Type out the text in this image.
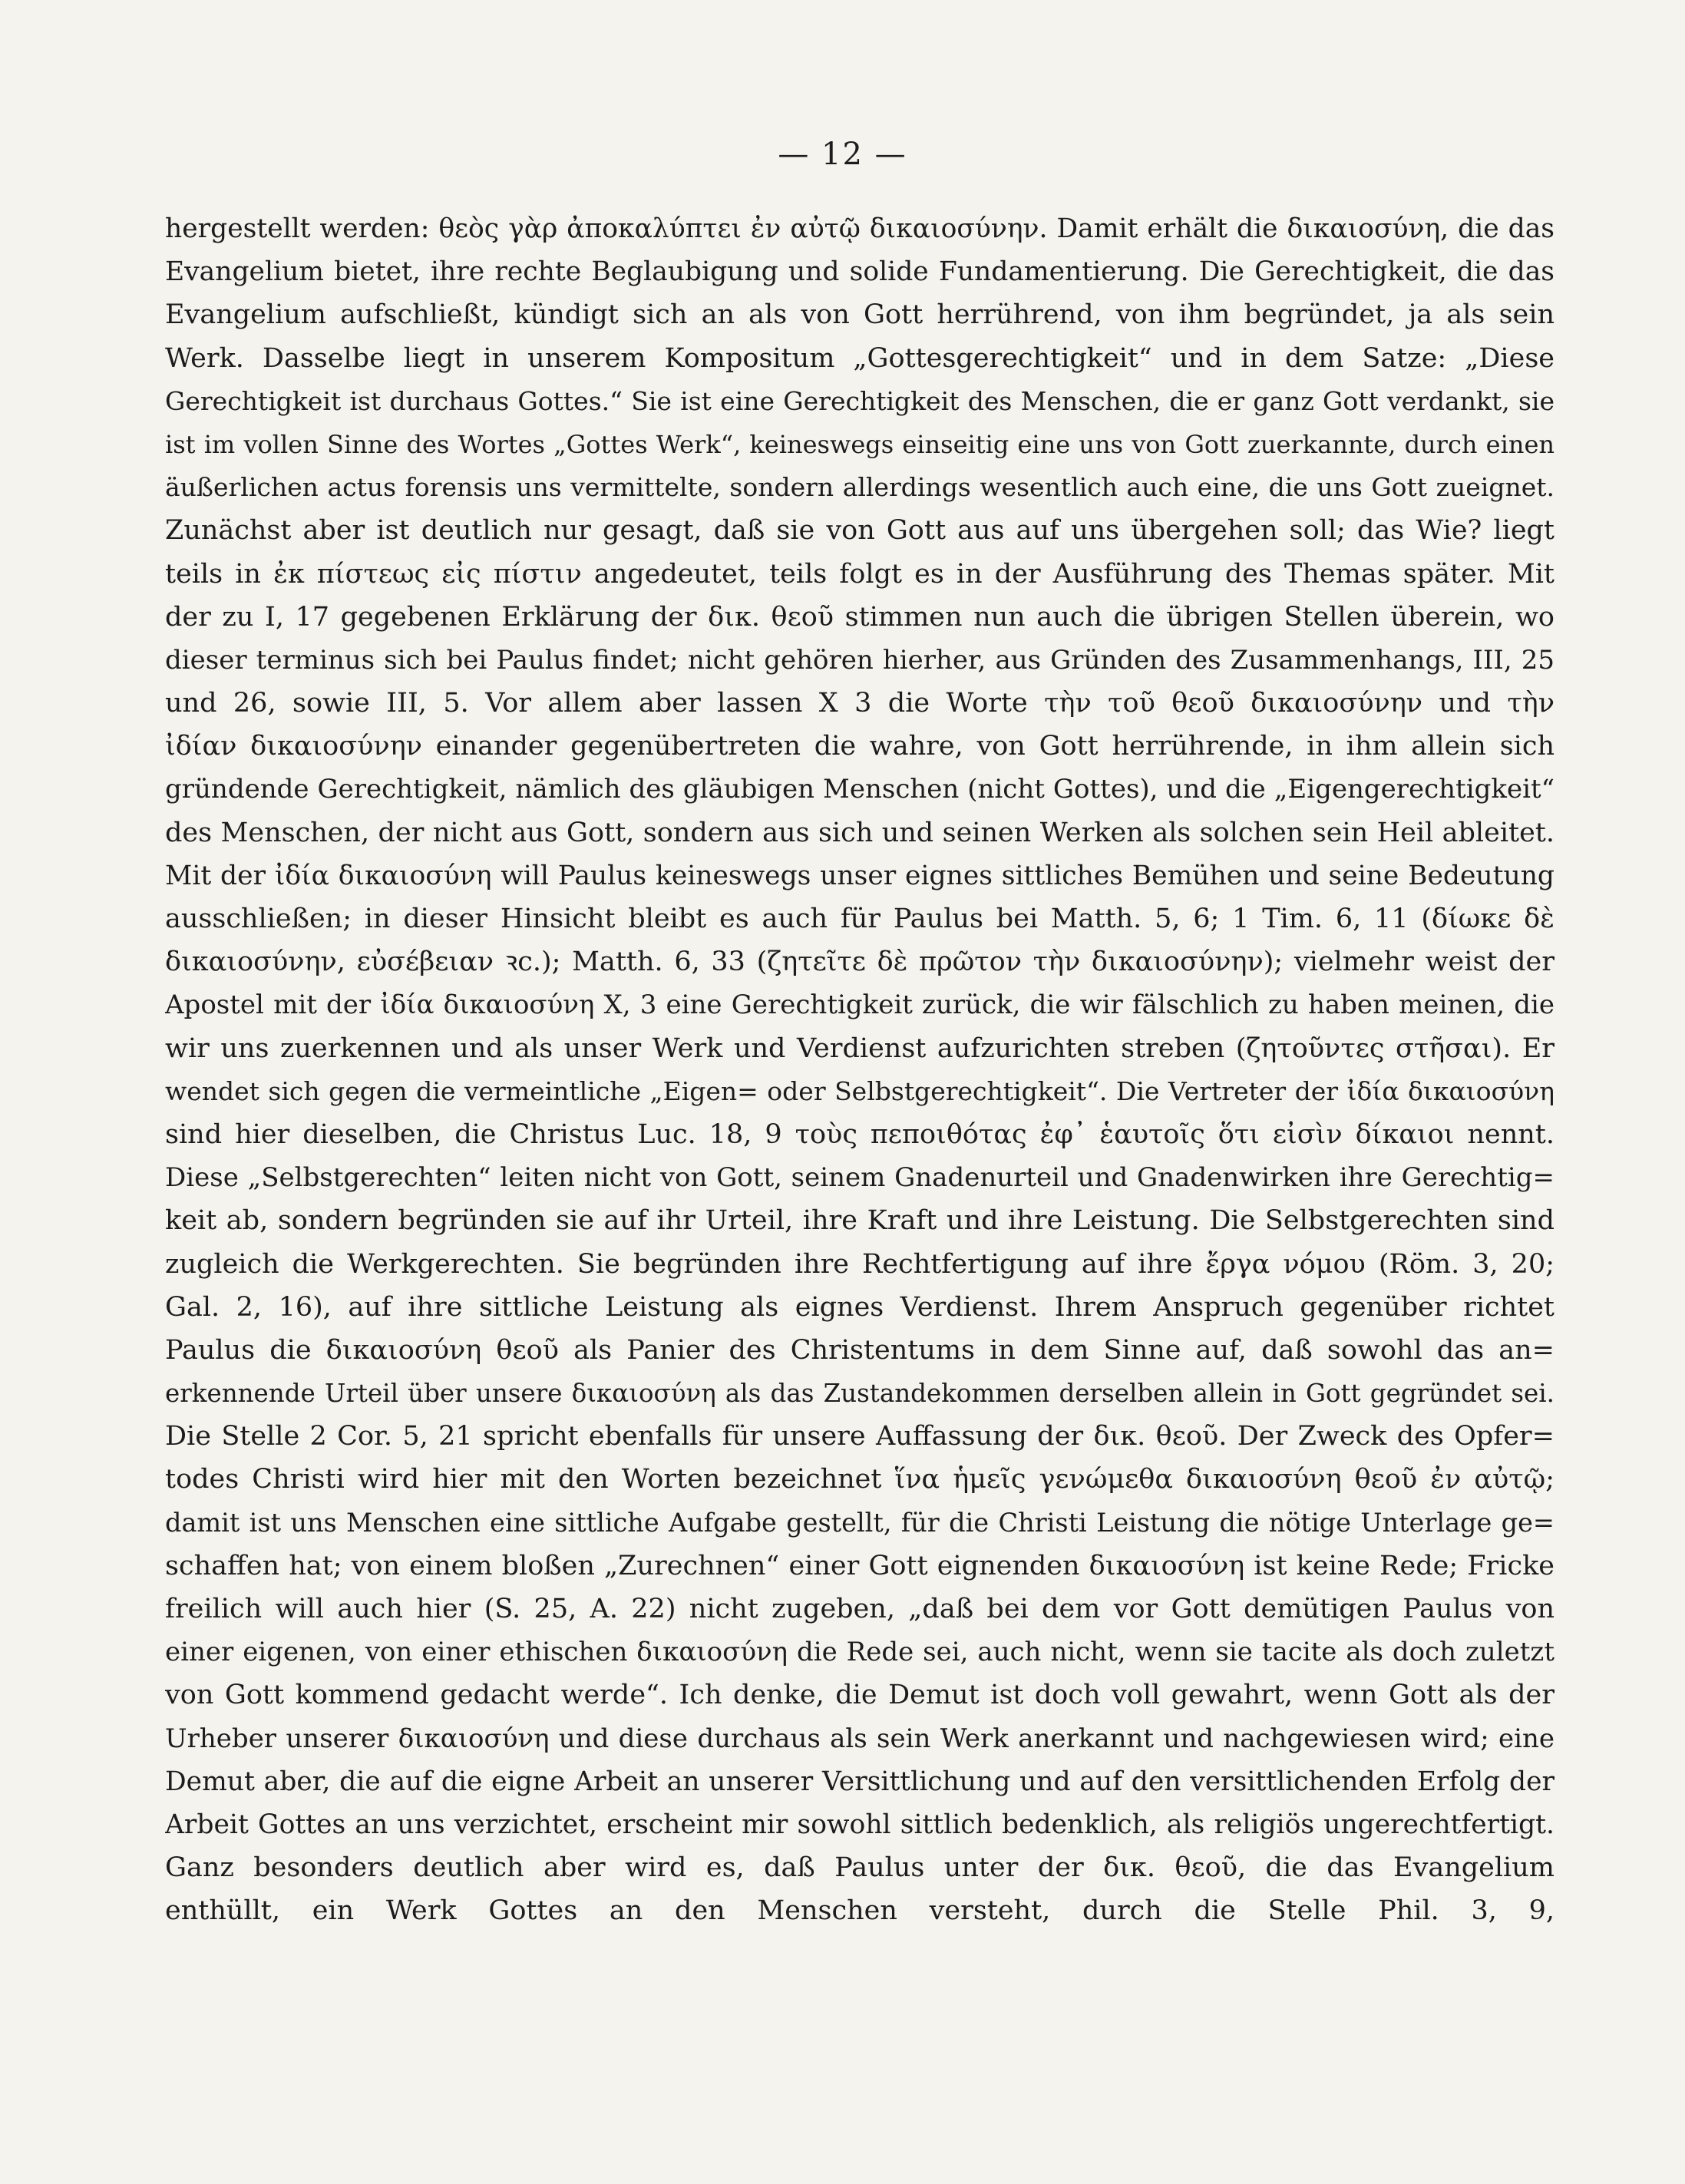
— 12 —
hergestellt werden: θεὸς γὰρ ἀποκαλύπτει ἐν αὐτῷ δικαιοσύνην. Damit erhält die δικαιοσύνη, die das
Evangelium bietet, ihre rechte Beglaubigung und solide Fundamentierung. Die Gerechtigkeit, die das
Evangelium aufschließt, kündigt sich an als von Gott herrührend, von ihm begründet, ja als sein
Werk. Dasselbe liegt in unserem Kompositum „Gottesgerechtigkeit“ und in dem Satze: „Diese
Gerechtigkeit ist durchaus Gottes.“ Sie ist eine Gerechtigkeit des Menschen, die er ganz Gott verdankt, sie
ist im vollen Sinne des Wortes „Gottes Werk“, keineswegs einseitig eine uns von Gott zuerkannte, durch einen
äußerlichen actus forensis uns vermittelte, sondern allerdings wesentlich auch eine, die uns Gott zueignet.
Zunächst aber ist deutlich nur gesagt, daß sie von Gott aus auf uns übergehen soll; das Wie? liegt
teils in ἐκ πίστεως εἰς πίστιν angedeutet, teils folgt es in der Ausführung des Themas später. Mit
der zu I, 17 gegebenen Erklärung der δικ. θεοῦ stimmen nun auch die übrigen Stellen überein, wo
dieser terminus sich bei Paulus findet; nicht gehören hierher, aus Gründen des Zusammenhangs, III, 25
und 26, sowie III, 5. Vor allem aber lassen X 3 die Worte τὴν τοῦ θεοῦ δικαιοσύνην und τὴν
ἰδίαν δικαιοσύνην einander gegenübertreten die wahre, von Gott herrührende, in ihm allein sich
gründende Gerechtigkeit, nämlich des gläubigen Menschen (nicht Gottes), und die „Eigengerechtigkeit“
des Menschen, der nicht aus Gott, sondern aus sich und seinen Werken als solchen sein Heil ableitet.
Mit der ἰδία δικαιοσύνη will Paulus keineswegs unser eignes sittliches Bemühen und seine Bedeutung
ausschließen; in dieser Hinsicht bleibt es auch für Paulus bei Matth. 5, 6; 1 Tim. 6, 11 (δίωκε δὲ
δικαιοσύνην, εὐσέβειαν ꝛc.); Matth. 6, 33 (ζητεῖτε δὲ πρῶτον τὴν δικαιοσύνην); vielmehr weist der
Apostel mit der ἰδία δικαιοσύνη X, 3 eine Gerechtigkeit zurück, die wir fälschlich zu haben meinen, die
wir uns zuerkennen und als unser Werk und Verdienst aufzurichten streben (ζητοῦντες στῆσαι). Er
wendet sich gegen die vermeintliche „Eigen= oder Selbstgerechtigkeit“. Die Vertreter der ἰδία δικαιοσύνη
sind hier dieselben, die Christus Luc. 18, 9 τοὺς πεποιθότας ἐφ᾽ ἑαυτοῖς ὅτι εἰσὶν δίκαιοι nennt.
Diese „Selbstgerechten“ leiten nicht von Gott, seinem Gnadenurteil und Gnadenwirken ihre Gerechtig=
keit ab, sondern begründen sie auf ihr Urteil, ihre Kraft und ihre Leistung. Die Selbstgerechten sind
zugleich die Werkgerechten. Sie begründen ihre Rechtfertigung auf ihre ἔργα νόμου (Röm. 3, 20;
Gal. 2, 16), auf ihre sittliche Leistung als eignes Verdienst. Ihrem Anspruch gegenüber richtet
Paulus die δικαιοσύνη θεοῦ als Panier des Christentums in dem Sinne auf, daß sowohl das an=
erkennende Urteil über unsere δικαιοσύνη als das Zustandekommen derselben allein in Gott gegründet sei.
Die Stelle 2 Cor. 5, 21 spricht ebenfalls für unsere Auffassung der δικ. θεοῦ. Der Zweck des Opfer=
todes Christi wird hier mit den Worten bezeichnet ἵνα ἡμεῖς γενώμεθα δικαιοσύνη θεοῦ ἐν αὐτῷ;
damit ist uns Menschen eine sittliche Aufgabe gestellt, für die Christi Leistung die nötige Unterlage ge=
schaffen hat; von einem bloßen „Zurechnen“ einer Gott eignenden δικαιοσύνη ist keine Rede; Fricke
freilich will auch hier (S. 25, A. 22) nicht zugeben, „daß bei dem vor Gott demütigen Paulus von
einer eigenen, von einer ethischen δικαιοσύνη die Rede sei, auch nicht, wenn sie tacite als doch zuletzt
von Gott kommend gedacht werde“. Ich denke, die Demut ist doch voll gewahrt, wenn Gott als der
Urheber unserer δικαιοσύνη und diese durchaus als sein Werk anerkannt und nachgewiesen wird; eine
Demut aber, die auf die eigne Arbeit an unserer Versittlichung und auf den versittlichenden Erfolg der
Arbeit Gottes an uns verzichtet, erscheint mir sowohl sittlich bedenklich, als religiös ungerechtfertigt.
Ganz besonders deutlich aber wird es, daß Paulus unter der δικ. θεοῦ, die das Evangelium
enthüllt, ein Werk Gottes an den Menschen versteht, durch die Stelle Phil. 3, 9,
